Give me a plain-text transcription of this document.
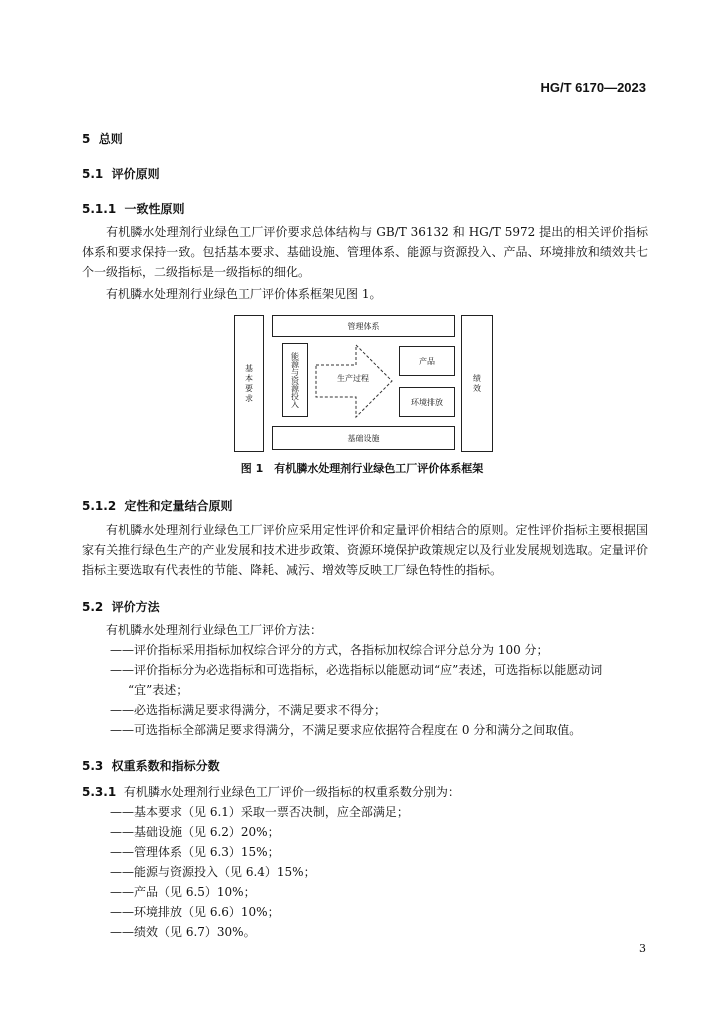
HG/T 6170—2023
5 总则
5.1 评价原则
5.1.1 一致性原则
有机膦水处理剂行业绿色工厂评价要求总体结构与 GB/T 36132 和 HG/T 5972 提出的相关评价指标体系和要求保持一致。包括基本要求、基础设施、管理体系、能源与资源投入、产品、环境排放和绩效共七个一级指标，二级指标是一级指标的细化。
有机膦水处理剂行业绿色工厂评价体系框架见图 1。
基本要求
管理体系
能源与资源投入	生产过程
产品
环境排放
基础设施
绩效
图 1　有机膦水处理剂行业绿色工厂评价体系框架
5.1.2 定性和定量结合原则
有机膦水处理剂行业绿色工厂评价应采用定性评价和定量评价相结合的原则。定性评价指标主要根据国家有关推行绿色生产的产业发展和技术进步政策、资源环境保护政策规定以及行业发展规划选取。定量评价指标主要选取有代表性的节能、降耗、减污、增效等反映工厂绿色特性的指标。
5.2 评价方法
有机膦水处理剂行业绿色工厂评价方法：
——评价指标采用指标加权综合评分的方式，各指标加权综合评分总分为 100 分；
——评价指标分为必选指标和可选指标，必选指标以能愿动词“应”表述，可选指标以能愿动词
“宜”表述；
——必选指标满足要求得满分，不满足要求不得分；
——可选指标全部满足要求得满分，不满足要求应依据符合程度在 0 分和满分之间取值。
5.3 权重系数和指标分数
5.3.1 有机膦水处理剂行业绿色工厂评价一级指标的权重系数分别为：
——基本要求（见 6.1）采取一票否决制，应全部满足；
——基础设施（见 6.2）20%；
——管理体系（见 6.3）15%；
——能源与资源投入（见 6.4）15%；
——产品（见 6.5）10%；
——环境排放（见 6.6）10%；
——绩效（见 6.7）30%。
3
